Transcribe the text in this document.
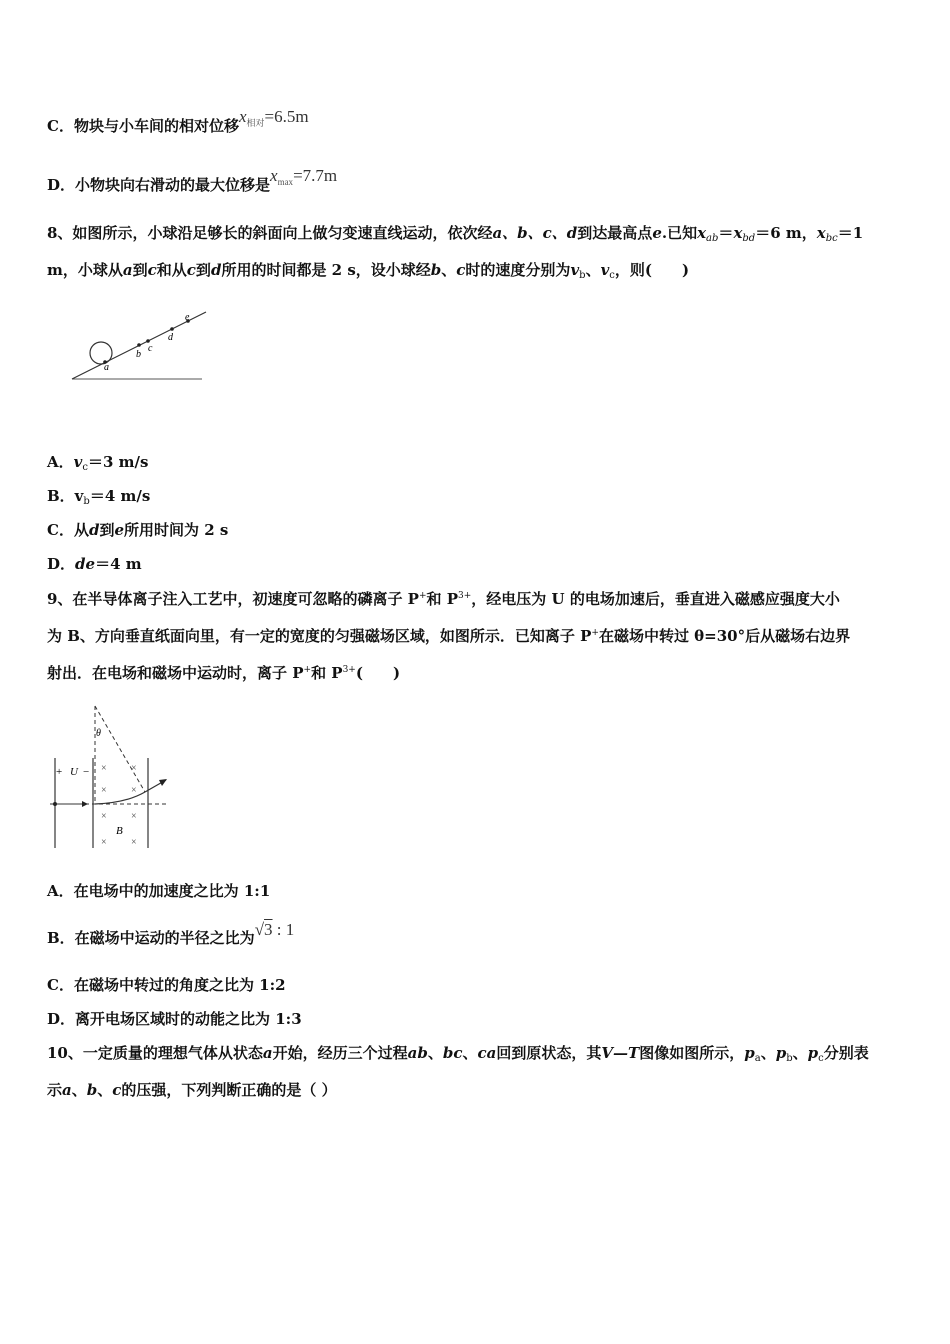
C．物块与小车间的相对位移$x_{相对}=6.5m$
D．小物块向右滑动的最大位移是$x_{max}=7.7m$
8、如图所示，小球沿足够长的斜面向上做匀变速直线运动，依次经a、b、c、d到达最高点e.已知$x_{ab}=x_{bd}=6$ m，$x_{bc}=1$
m，小球从a到c和从c到d所用的时间都是 2 s，设小球经b、c时的速度分别为$v_b$、$v_c$，则(　　)
a
b
c
d
e
A．$v_c=3$ m/s
B．$v_b=4$ m/s
C．从d到e所用时间为 2 s
D．de＝4 m
9、在半导体离子注入工艺中，初速度可忽略的磷离子 P+和 $P^{3+}$，经电压为 U 的电场加速后，垂直进入磁感应强度大小
为 B、方向垂直纸面向里，有一定的宽度的匀强磁场区域，如图所示．已知离子 P+在磁场中转过 θ=30°后从磁场右边界
射出．在电场和磁场中运动时，离子 P+和 $P^{3+}$(　　)
+ U −
θ
B
× ×
× ×
× ×
× ×
A．在电场中的加速度之比为 1:1
B．在磁场中运动的半径之比为√3 : 1
C．在磁场中转过的角度之比为 1:2
D．离开电场区域时的动能之比为 1:3
10、一定质量的理想气体从状态a开始，经历三个过程ab、bc、ca回到原状态，其V—T图像如图所示，$p_a$、$p_b$、$p_c$分别表
示a、b、c的压强，下列判断正确的是（ ）
